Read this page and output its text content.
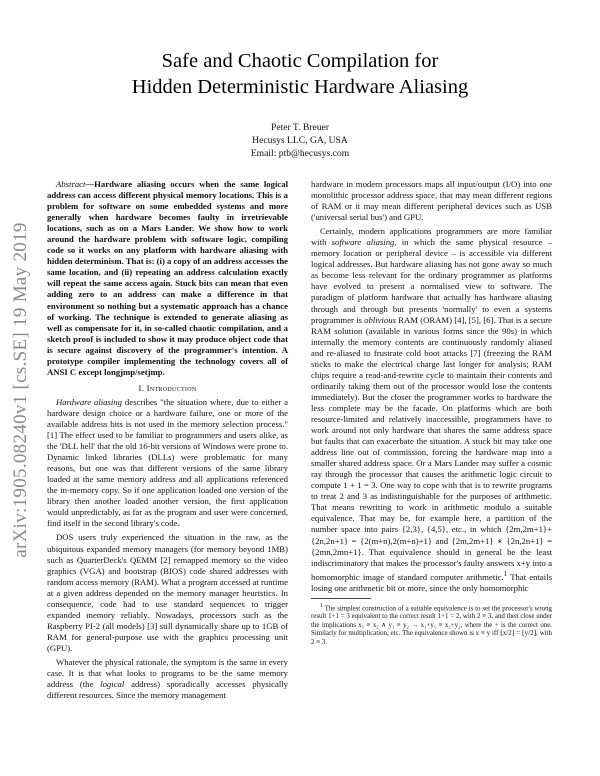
Safe and Chaotic Compilation for
Hidden Deterministic Hardware Aliasing
Peter T. Breuer
Hecusys LLC, GA, USA
Email: ptb@hecusys.com
arXiv:1905.08240v1 [cs.SE] 19 May 2019

Abstract—Hardware aliasing occurs when the same logical address can access different physical memory locations. This is a problem for software on some embedded systems and more generally when hardware becomes faulty in irretrievable locations, such as on a Mars Lander. We show how to work around the hardware problem with software logic, compiling code so it works on any platform with hardware aliasing with hidden determinism. That is: (i) a copy of an address accesses the same location, and (ii) repeating an address calculation exactly will repeat the same access again. Stuck bits can mean that even adding zero to an address can make a difference in that environment so nothing but a systematic approach has a chance of working. The technique is extended to generate aliasing as well as compensate for it, in so-called chaotic compilation, and a sketch proof is included to show it may produce object code that is secure against discovery of the programmer's intention. A prototype compiler implementing the technology covers all of ANSI C except longjmp/setjmp.

I. Introduction

Hardware aliasing describes "the situation where, due to either a hardware design choice or a hardware failure, one or more of the available address bits is not used in the memory selection process." [1] The effect used to be familiar to programmers and users alike, as the 'DLL hell' that the old 16-bit versions of Windows were prone to. Dynamic linked libraries (DLLs) were problematic for many reasons, but one was that different versions of the same library loaded at the same memory address and all applications referenced the in-memory copy. So if one application loaded one version of the library then another loaded another version, the first application would unpredictably, as far as the program and user were concerned, find itself in the second library's code.

DOS users truly experienced the situation in the raw, as the ubiquitous expanded memory managers (for memory beyond 1MB) such as QuarterDeck's QEMM [2] remapped memory so the video graphics (VGA) and bootstrap (BIOS) code shared addresses with random access memory (RAM). What a program accessed at runtime at a given address depended on the memory manager heuristics. In consequence, code had to use standard sequences to trigger expanded memory reliably. Nowadays, processors such as the Raspberry PI-2 (all models) [3] still dynamically share up to 1GB of RAM for general-purpose use with the graphics processing unit (GPU).

Whatever the physical rationale, the symptom is the same in every case. It is that what looks to programs to be the same memory address (the logical address) sporadically accesses physically different resources. Since the memory management

hardware in modern processors maps all input/output (I/O) into one monolithic processor address space, that may mean different regions of RAM or it may mean different peripheral devices such as USB ('universal serial bus') and GPU.

Certainly, modern applications programmers are more familiar with software aliasing, in which the same physical resource – memory location or peripheral device – is accessible via different logical addresses. But hardware aliasing has not gone away so much as become less relevant for the ordinary programmer as platforms have evolved to present a normalised view to software. The paradigm of platform hardware that actually has hardware aliasing through and through but presents 'normally' to even a systems programmer is oblivious RAM (ORAM) [4], [5], [6]. That is a secure RAM solution (available in various forms since the 90s) in which internally the memory contents are continuously randomly aliased and re-aliased to frustrate cold boot attacks [7] (freezing the RAM sticks to make the electrical charge last longer for analysis; RAM chips require a read-and-rewrite cycle to maintain their contents and ordinarily taking them out of the processor would lose the contents immediately). But the closer the programmer works to hardware the less complete may be the facade. On platforms which are both resource-limited and relatively inaccessible, programmers have to work around not only hardware that shares the same address space but faults that can exacerbate the situation. A stuck bit may take one address line out of commission, forcing the hardware map into a smaller shared address space. Or a Mars Lander may suffer a cosmic ray through the processor that causes the arithmetic logic circuit to compute 1 + 1 = 3. One way to cope with that is to rewrite programs to treat 2 and 3 as indistinguishable for the purposes of arithmetic. That means rewriting to work in arithmetic modulo a suitable equivalence. That may be, for example here, a partition of the number space into pairs {2,3}, {4,5}, etc., in which {2m,2m+1}+{2n,2n+1} = {2(m+n),2(m+n)+1} and {2m,2m+1} ∗ {2n,2n+1} = {2mn,2mn+1}. That equivalence should in general be the least indiscriminatory that makes the processor's faulty answers x+y into a homomorphic image of standard computer arithmetic.$^1$ That entails losing one arithmetic bit or more, since the only homomorphic

$^1$ The simplest construction of a suitable equivalence is to set the processor's wrong result 1+1 = 3 equivalent to the correct result 1+1 = 2, with 2 ≡ 3, and then close under the implications x₁ ≡ x₂ ∧ y₁ ≡ y₂ → x₁+y₁ ≡ x₂+y₂, where the + is the correct one. Similarly for multiplication, etc. The equivalence shown is x ≡ y iff ⌊x/2⌋ = ⌊y/2⌋, with 2 ≡ 3.
